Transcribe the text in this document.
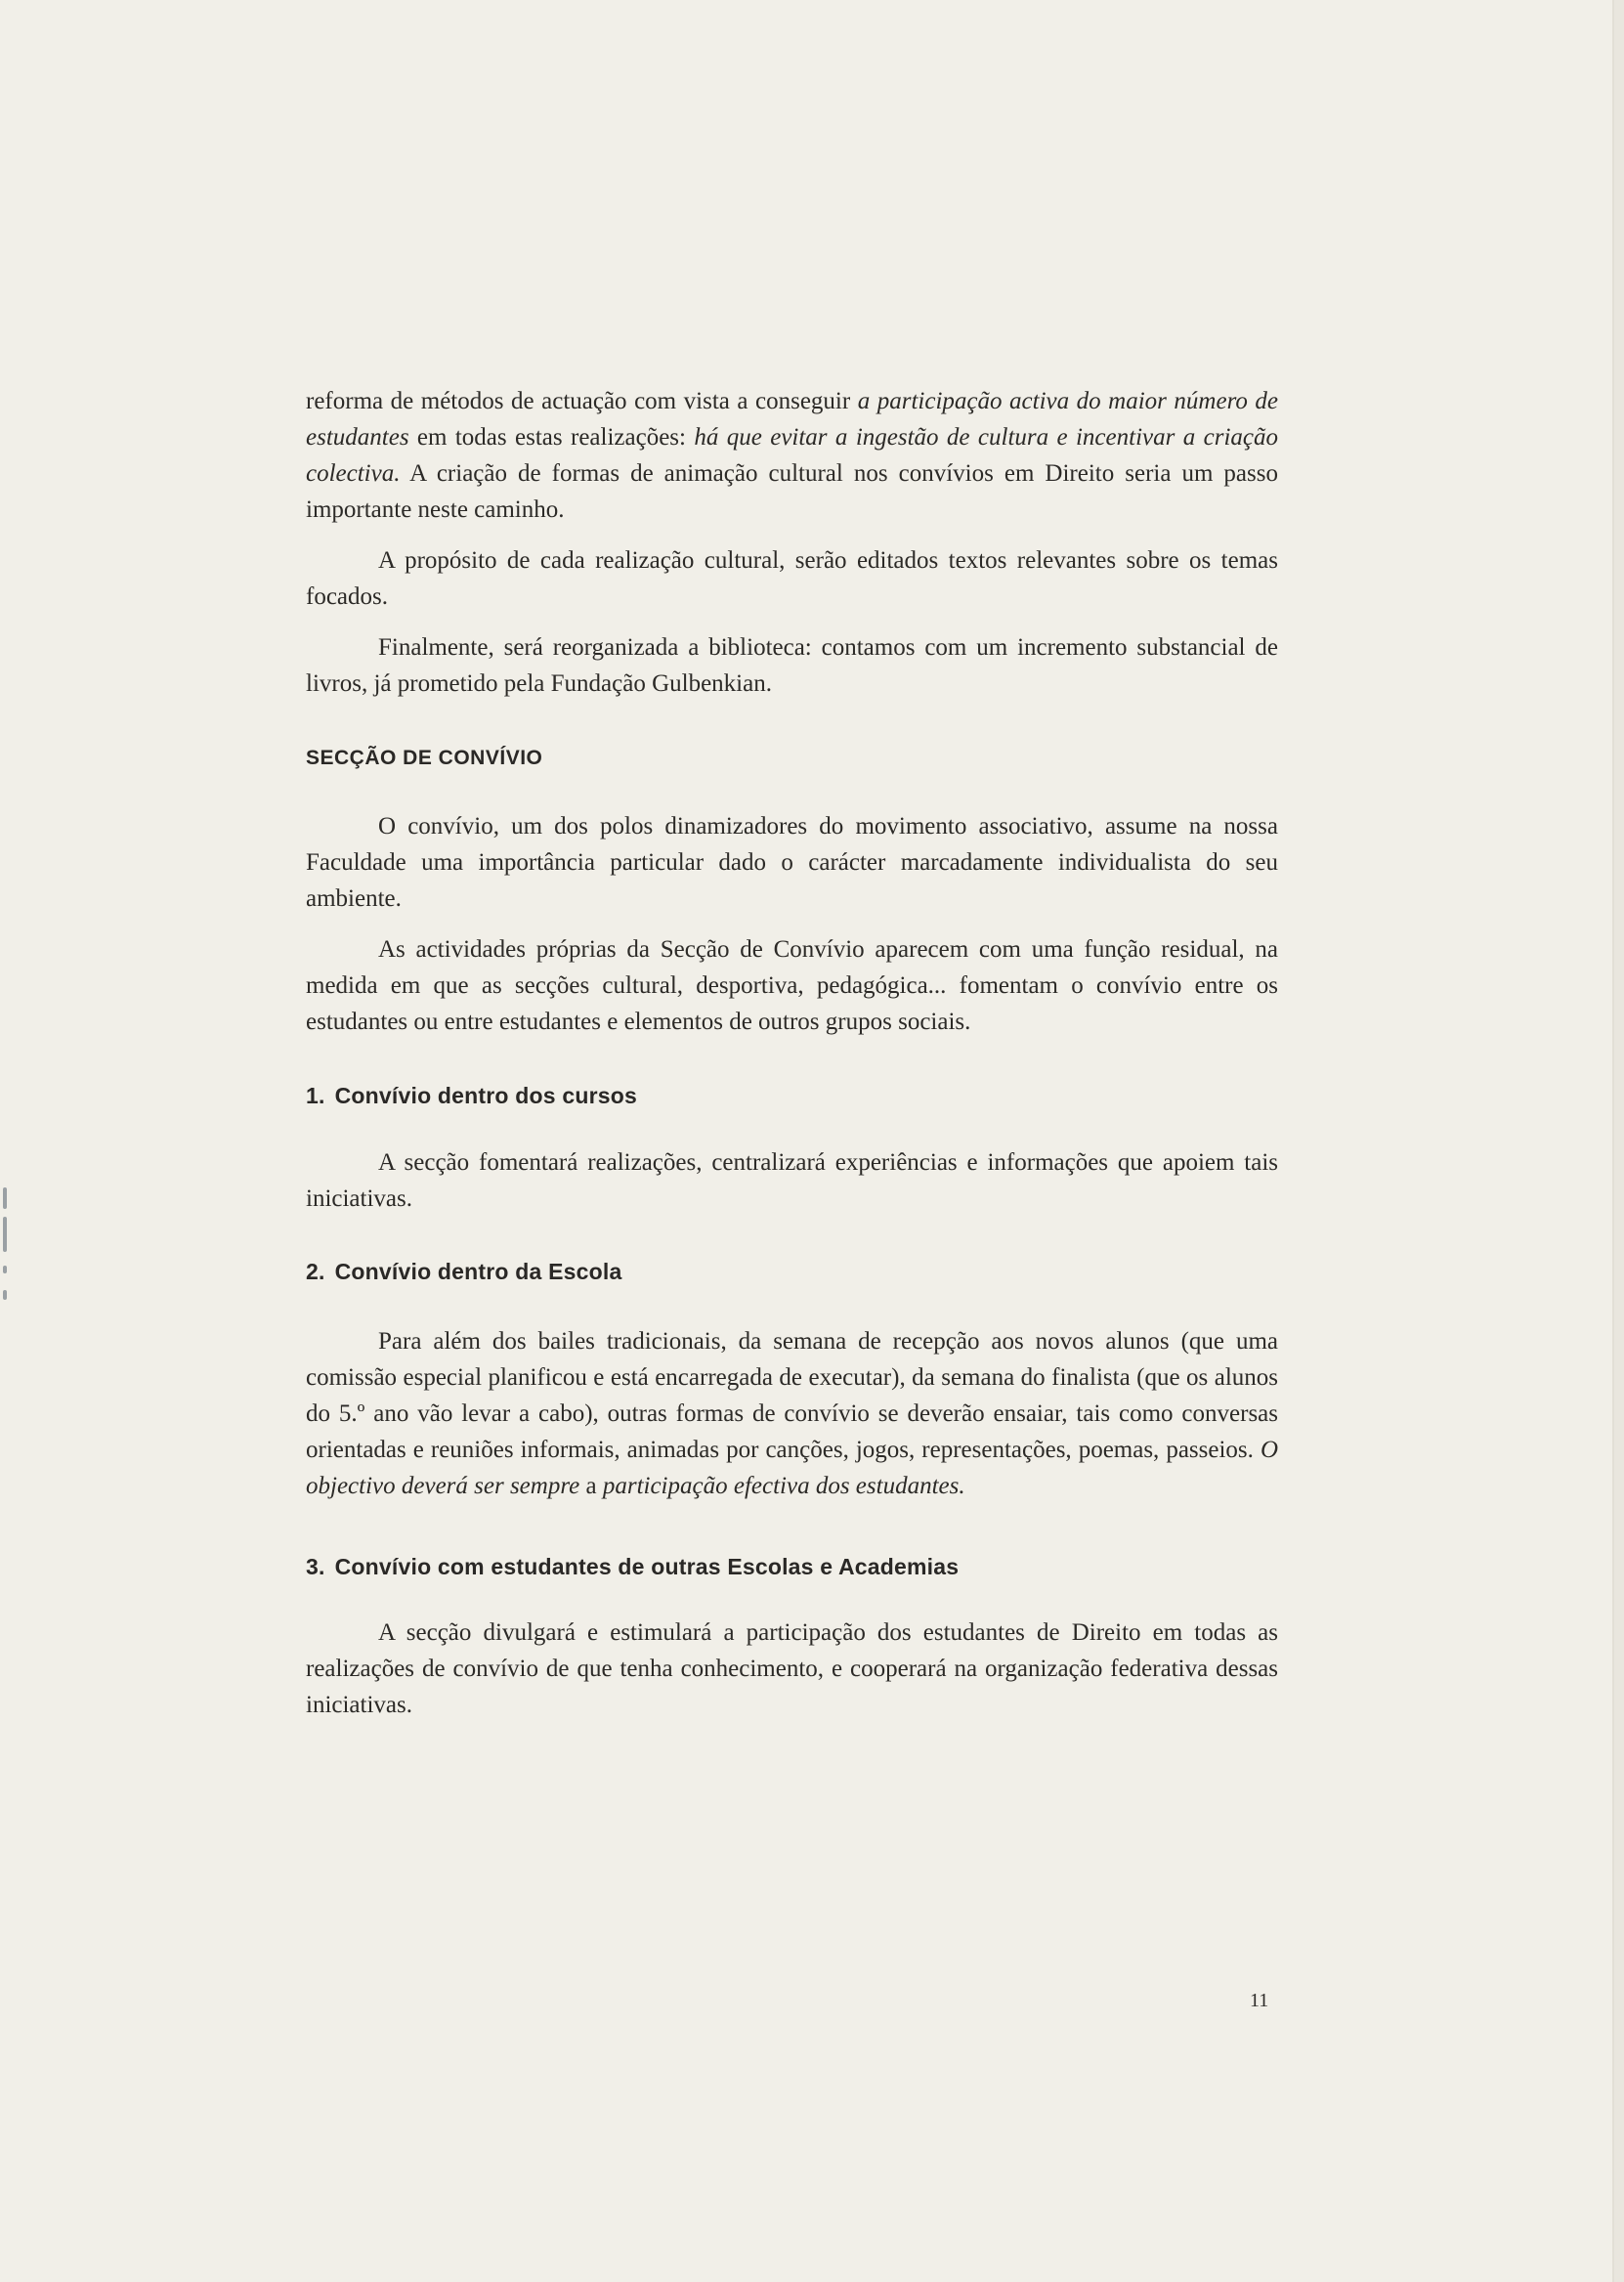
reforma de métodos de actuação com vista a conseguir a participação activa do maior número de estudantes em todas estas realizações: há que evitar a ingestão de cultura e incentivar a criação colectiva. A criação de formas de animação cultural nos convívios em Direito seria um passo importante neste caminho.

A propósito de cada realização cultural, serão editados textos relevantes sobre os temas focados.

Finalmente, será reorganizada a biblioteca: contamos com um incremento substancial de livros, já prometido pela Fundação Gulbenkian.

SECÇÃO DE CONVÍVIO

O convívio, um dos polos dinamizadores do movimento associativo, assume na nossa Faculdade uma importância particular dado o carácter marcadamente individualista do seu ambiente.

As actividades próprias da Secção de Convívio aparecem com uma função residual, na medida em que as secções cultural, desportiva, pedagógica... fomentam o convívio entre os estudantes ou entre estudantes e elementos de outros grupos sociais.

1. Convívio dentro dos cursos

A secção fomentará realizações, centralizará experiências e informações que apoiem tais iniciativas.

2. Convívio dentro da Escola

Para além dos bailes tradicionais, da semana de recepção aos novos alunos (que uma comissão especial planificou e está encarregada de executar), da semana do finalista (que os alunos do 5.º ano vão levar a cabo), outras formas de convívio se deverão ensaiar, tais como conversas orientadas e reuniões informais, animadas por canções, jogos, representações, poemas, passeios. O objectivo deverá ser sempre a participação efectiva dos estudantes.

3. Convívio com estudantes de outras Escolas e Academias

A secção divulgará e estimulará a participação dos estudantes de Direito em todas as realizações de convívio de que tenha conhecimento, e cooperará na organização federativa dessas iniciativas.

11
